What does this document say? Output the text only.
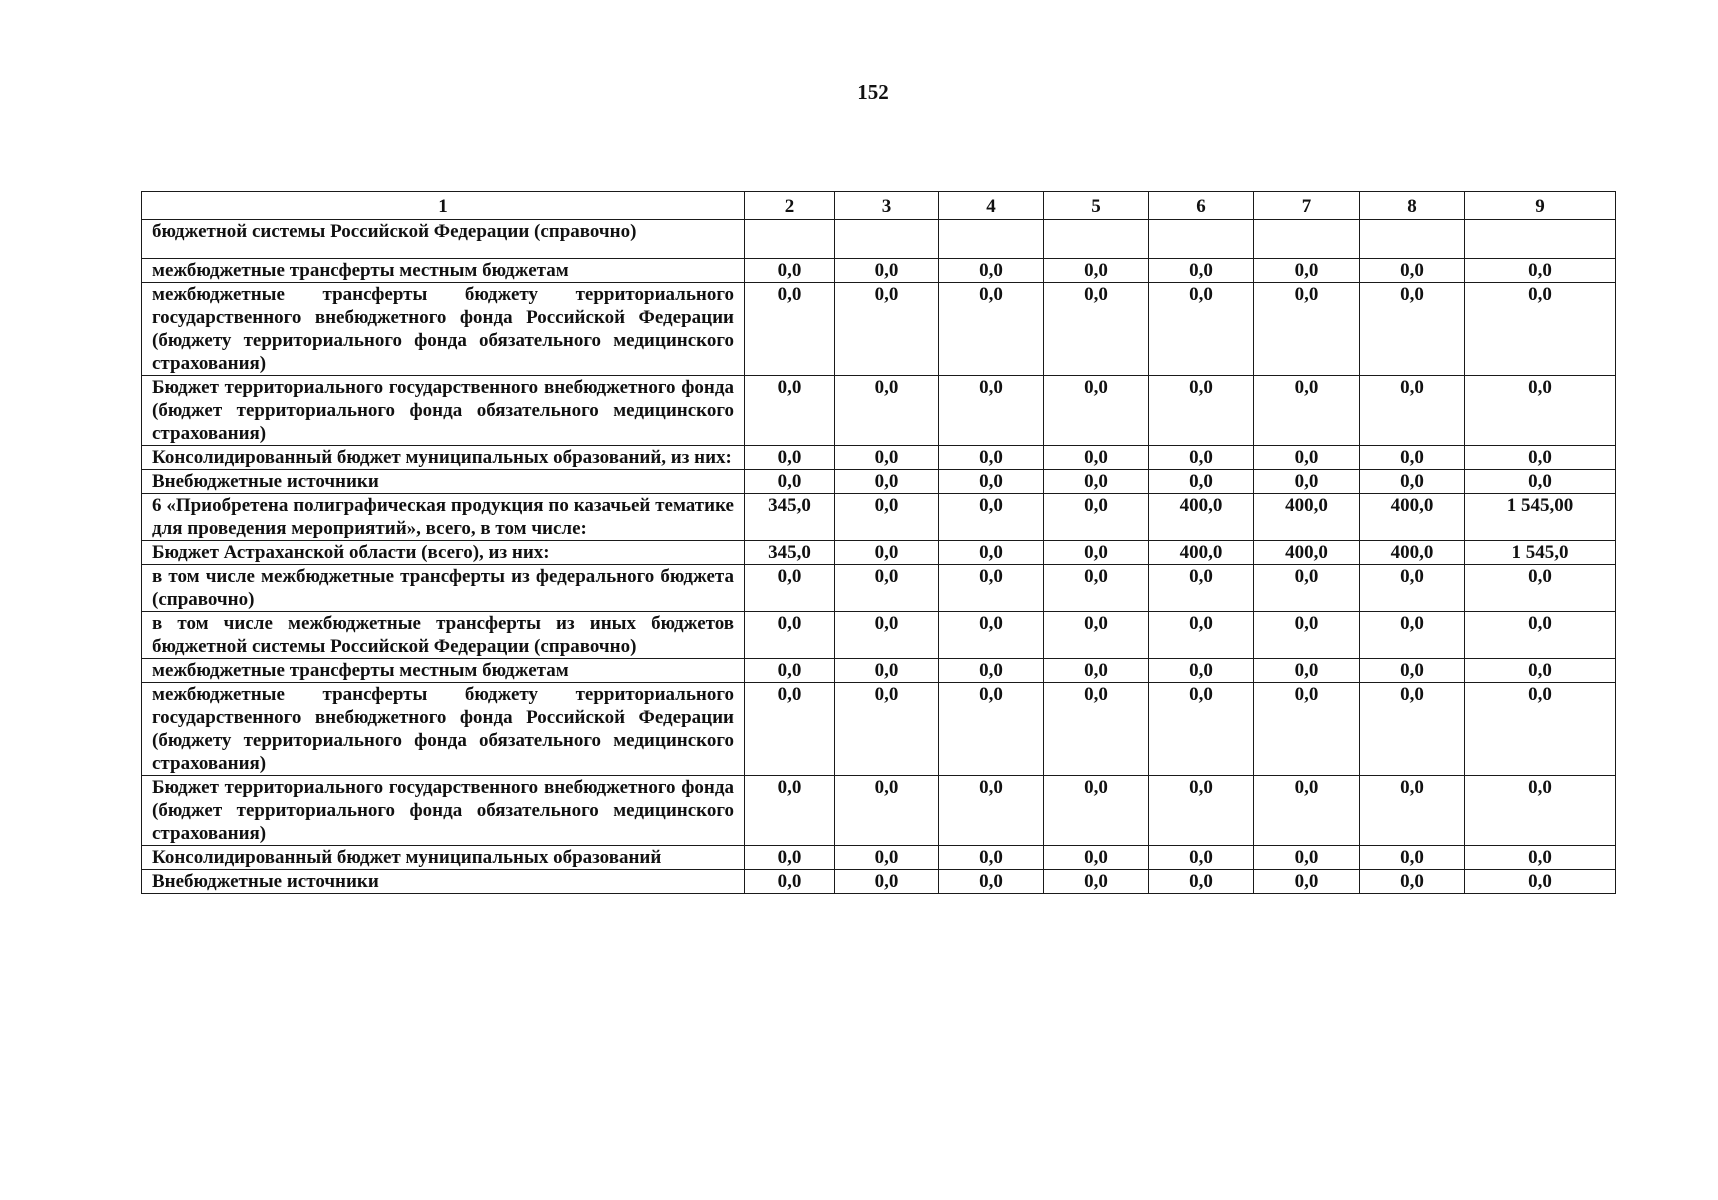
152
1	2	3	4	5	6	7	8	9
бюджетной системы Российской Федерации (справочно)								
межбюджетные трансферты местным бюджетам	0,0	0,0	0,0	0,0	0,0	0,0	0,0	0,0
межбюджетные трансферты бюджету территориального государственного внебюджетного фонда Российской Федерации (бюджету территориального фонда обязательного медицинского страхования)	0,0	0,0	0,0	0,0	0,0	0,0	0,0	0,0
Бюджет территориального государственного внебюджетного фонда (бюджет территориального фонда обязательного медицинского страхования)	0,0	0,0	0,0	0,0	0,0	0,0	0,0	0,0
Консолидированный бюджет муниципальных образований, из них:	0,0	0,0	0,0	0,0	0,0	0,0	0,0	0,0
Внебюджетные источники	0,0	0,0	0,0	0,0	0,0	0,0	0,0	0,0
6 «Приобретена полиграфическая продукция по казачьей тематике для проведения мероприятий», всего, в том числе:	345,0	0,0	0,0	0,0	400,0	400,0	400,0	1 545,00
Бюджет Астраханской области (всего), из них:	345,0	0,0	0,0	0,0	400,0	400,0	400,0	1 545,0
в том числе межбюджетные трансферты из федерального бюджета (справочно)	0,0	0,0	0,0	0,0	0,0	0,0	0,0	0,0
в том числе межбюджетные трансферты из иных бюджетов бюджетной системы Российской Федерации (справочно)	0,0	0,0	0,0	0,0	0,0	0,0	0,0	0,0
межбюджетные трансферты местным бюджетам	0,0	0,0	0,0	0,0	0,0	0,0	0,0	0,0
межбюджетные трансферты бюджету территориального государственного внебюджетного фонда Российской Федерации (бюджету территориального фонда обязательного медицинского страхования)	0,0	0,0	0,0	0,0	0,0	0,0	0,0	0,0
Бюджет территориального государственного внебюджетного фонда (бюджет территориального фонда обязательного медицинского страхования)	0,0	0,0	0,0	0,0	0,0	0,0	0,0	0,0
Консолидированный бюджет муниципальных образований	0,0	0,0	0,0	0,0	0,0	0,0	0,0	0,0
Внебюджетные источники	0,0	0,0	0,0	0,0	0,0	0,0	0,0	0,0
